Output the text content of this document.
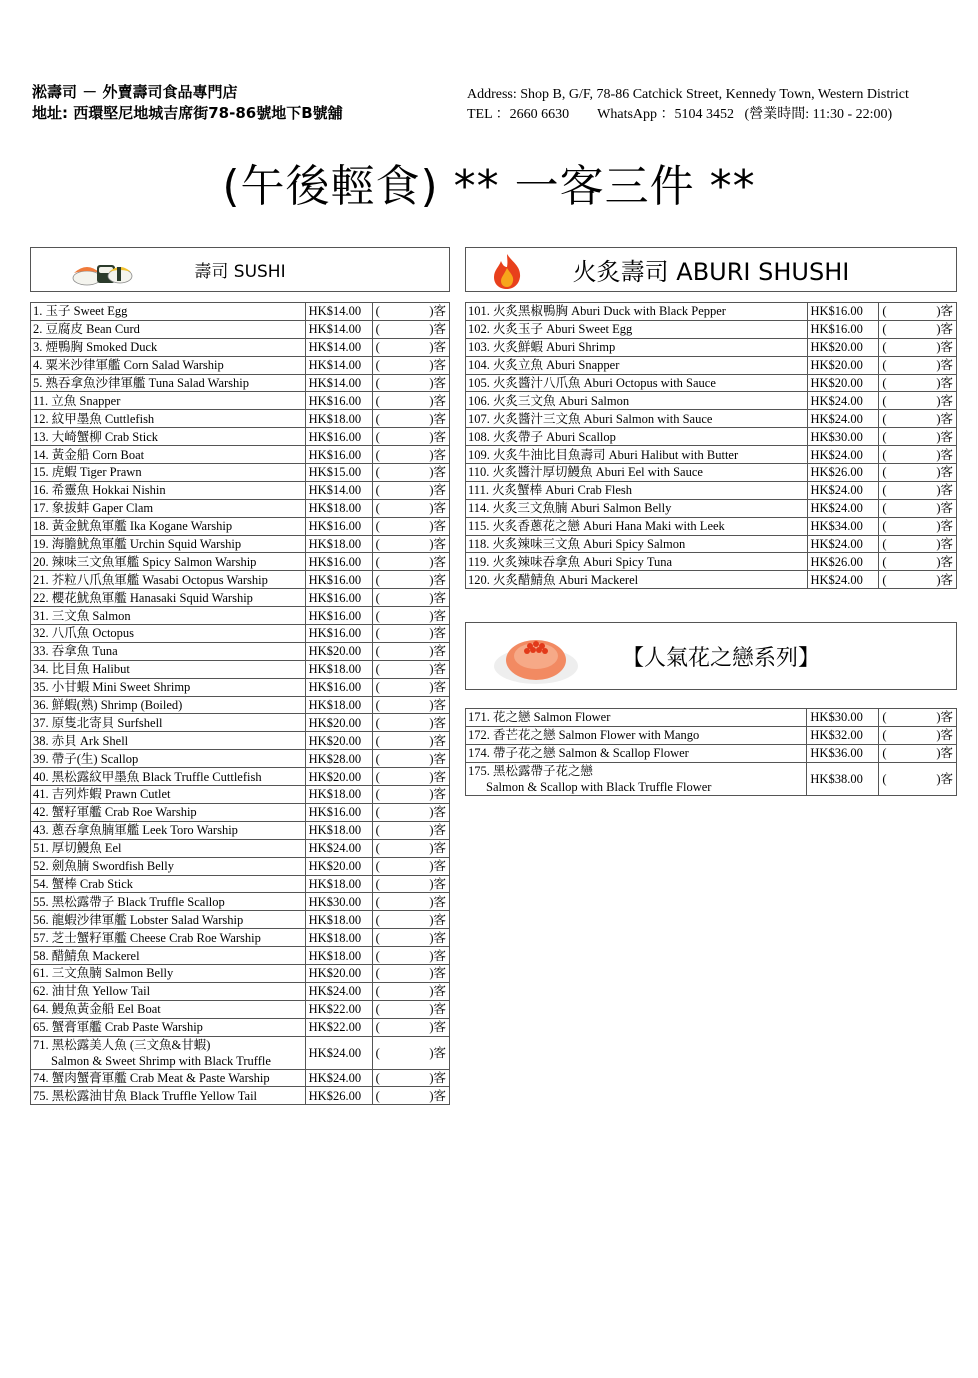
淞壽司 － 外賣壽司食品專門店
地址: 西環堅尼地城吉席街78-86號地下B號舖
Address: Shop B, G/F, 78-86 Catchick Street, Kennedy Town, Western District
TEL ：2660 6630 WhatsApp ：5104 3452 (營業時間: 11:30 - 22:00)
(午後輕食) ** 一客三件 **
壽司 SUSHI	火炙壽司 ABURI SHUSHI
【人氣花之戀系列】
1. 玉子 Sweet Egg	HK$14.00	( )客

2. 豆腐皮 Bean Curd	HK$14.00	( )客

3. 煙鴨胸 Smoked Duck	HK$14.00	( )客

4. 粟米沙律軍艦 Corn Salad Warship	HK$14.00	( )客

5. 熟吞拿魚沙律軍艦 Tuna Salad Warship	HK$14.00	( )客

11. 立魚 Snapper	HK$16.00	( )客

12. 紋甲墨魚 Cuttlefish	HK$18.00	( )客

13. 大崎蟹柳 Crab Stick	HK$16.00	( )客

14. 黃金船 Corn Boat	HK$16.00	( )客

15. 虎蝦 Tiger Prawn	HK$15.00	( )客

16. 希靈魚 Hokkai Nishin	HK$14.00	( )客

17. 象拔蚌 Gaper Clam	HK$18.00	( )客

18. 黃金魷魚軍艦 Ika Kogane Warship	HK$16.00	( )客

19. 海膽魷魚軍艦 Urchin Squid Warship	HK$18.00	( )客

20. 辣味三文魚軍艦 Spicy Salmon Warship	HK$16.00	( )客

21. 芥粒八爪魚軍艦 Wasabi Octopus Warship	HK$16.00	( )客

22. 櫻花魷魚軍艦 Hanasaki Squid Warship	HK$16.00	( )客

31. 三文魚 Salmon	HK$16.00	( )客

32. 八爪魚 Octopus	HK$16.00	( )客

33. 吞拿魚 Tuna	HK$20.00	( )客

34. 比目魚 Halibut	HK$18.00	( )客

35. 小甘蝦 Mini Sweet Shrimp	HK$16.00	( )客

36. 鮮蝦(熟) Shrimp (Boiled)	HK$18.00	( )客

37. 原隻北寄貝 Surfshell	HK$20.00	( )客

38. 赤貝 Ark Shell	HK$20.00	( )客

39. 帶子(生) Scallop	HK$28.00	( )客

40. 黑松露紋甲墨魚 Black Truffle Cuttlefish	HK$20.00	( )客

41. 吉列炸蝦 Prawn Cutlet	HK$18.00	( )客

42. 蟹籽軍艦 Crab Roe Warship	HK$16.00	( )客

43. 蔥吞拿魚腩軍艦 Leek Toro Warship	HK$18.00	( )客

51. 厚切鰻魚 Eel	HK$24.00	( )客

52. 劍魚腩 Swordfish Belly	HK$20.00	( )客

54. 蟹棒 Crab Stick	HK$18.00	( )客

55. 黑松露帶子 Black Truffle Scallop	HK$30.00	( )客

56. 龍蝦沙律軍艦 Lobster Salad Warship	HK$18.00	( )客

57. 芝士蟹籽軍艦 Cheese Crab Roe Warship	HK$18.00	( )客

58. 醋鯖魚 Mackerel	HK$18.00	( )客

61. 三文魚腩 Salmon Belly	HK$20.00	( )客

62. 油甘魚 Yellow Tail	HK$24.00	( )客

64. 鰻魚黃金船 Eel Boat	HK$22.00	( )客

65. 蟹膏軍艦 Crab Paste Warship	HK$22.00	( )客

71. 黑松露美人魚 (三文魚&甘蝦)
Salmon & Sweet Shrimp with Black Truffle	HK$24.00	( )客

74. 蟹肉蟹膏軍艦 Crab Meat & Paste Warship	HK$24.00	( )客

75. 黑松露油甘魚 Black Truffle Yellow Tail	HK$26.00	( )客
101. 火炙黑椒鴨胸 Aburi Duck with Black Pepper	HK$16.00	( )客

102. 火炙玉子 Aburi Sweet Egg	HK$16.00	( )客

103. 火炙鮮蝦 Aburi Shrimp	HK$20.00	( )客

104. 火炙立魚 Aburi Snapper	HK$20.00	( )客

105. 火炙醬汁八爪魚 Aburi Octopus with Sauce	HK$20.00	( )客

106. 火炙三文魚 Aburi Salmon	HK$24.00	( )客

107. 火炙醬汁三文魚 Aburi Salmon with Sauce	HK$24.00	( )客

108. 火炙帶子 Aburi Scallop	HK$30.00	( )客

109. 火炙牛油比目魚壽司 Aburi Halibut with Butter	HK$24.00	( )客

110. 火炙醬汁厚切鰻魚 Aburi Eel with Sauce	HK$26.00	( )客

111. 火炙蟹棒 Aburi Crab Flesh	HK$24.00	( )客

114. 火炙三文魚腩 Aburi Salmon Belly	HK$24.00	( )客

115. 火炙香蔥花之戀 Aburi Hana Maki with Leek	HK$34.00	( )客

118. 火炙辣味三文魚 Aburi Spicy Salmon	HK$24.00	( )客

119. 火炙辣味吞拿魚 Aburi Spicy Tuna	HK$26.00	( )客

120. 火炙醋鯖魚 Aburi Mackerel	HK$24.00	( )客
171. 花之戀 Salmon Flower	HK$30.00	( )客

172. 香芒花之戀 Salmon Flower with Mango	HK$32.00	( )客

174. 帶子花之戀 Salmon & Scallop Flower	HK$36.00	( )客

175. 黑松露帶子花之戀
Salmon & Scallop with Black Truffle Flower	HK$38.00	( )客
